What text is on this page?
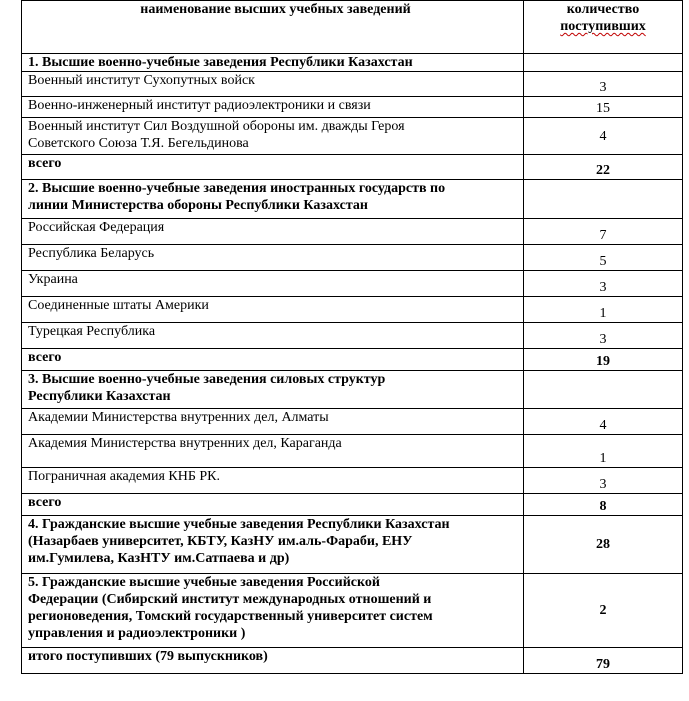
наименование высших учебных заведений	количество
поступивших

1. Высшие военно-учебные заведения Республики Казахстан	
Военный институт Сухопутных войск	3
Военно-инженерный институт радиоэлектроники и связи	15

Военный институт Сил Воздушной обороны им. дважды Героя
Советского Союза Т.Я. Бегельдинова	4
всего	22

2. Высшие военно-учебные заведения иностранных государств по
линии Министерства обороны Республики Казахстан	

Российская Федерация	7
Республика Беларусь	5
Украина	3
Соединенные штаты Америки	1
Турецкая Республика	3
всего	19

3. Высшие военно-учебные заведения силовых структур
Республики Казахстан	

Академии Министерства внутренних дел, Алматы	4
Академия Министерства внутренних дел, Караганда	1
Пограничная академия КНБ РК.	3
всего	8

4. Гражданские высшие учебные заведения Республики Казахстан
(Назарбаев университет, КБТУ, КазНУ им.аль-Фараби, ЕНУ
им.Гумилева, КазНТУ им.Сатпаева и др)	28

5. Гражданские высшие учебные заведения Российской
Федерации (Сибирский институт международных отношений и
регионоведения, Томский государственный университет систем
управления и радиоэлектроники )	2
итого поступивших (79 выпускников)	79
